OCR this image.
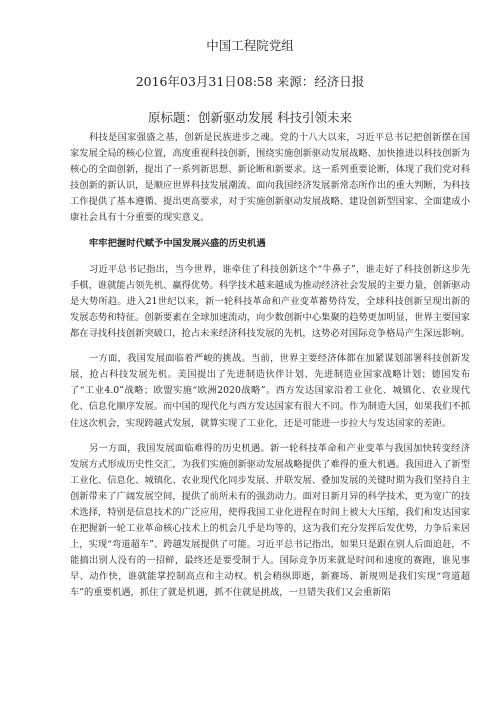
中国工程院党组
2016年03月31日08:58 来源：经济日报
原标题：创新驱动发展 科技引领未来

科技是国家强盛之基，创新是民族进步之魂。党的十八大以来，习近平总书记把创新摆在国家发展全局的核心位置，高度重视科技创新，围绕实施创新驱动发展战略、加快推进以科技创新为核心的全面创新，提出了一系列新思想、新论断和新要求。这一系列重要论断，体现了我们党对科技创新的新认识，是顺应世界科技发展潮流、面向我国经济发展新常态所作出的重大判断，为科技工作提供了基本遵循、提出更高要求，对于实施创新驱动发展战略、建设创新型国家、全面建成小康社会具有十分重要的现实意义。

牢牢把握时代赋予中国发展兴盛的历史机遇

习近平总书记指出，当今世界，谁牵住了科技创新这个“牛鼻子”，谁走好了科技创新这步先手棋，谁就能占领先机、赢得优势。科学技术越来越成为推动经济社会发展的主要力量，创新驱动是大势所趋。进入21世纪以来，新一轮科技革命和产业变革蓄势待发，全球科技创新呈现出新的发展态势和特征。创新要素在全球加速流动，向少数创新中心集聚的趋势更加明显，世界主要国家都在寻找科技创新突破口，抢占未来经济科技发展的先机，这势必对国际竞争格局产生深远影响。

一方面，我国发展面临着严峻的挑战。当前，世界主要经济体都在加紧谋划部署科技创新发展，抢占科技发展先机。美国提出了先进制造伙伴计划、先进制造业国家战略计划；德国发布了“工业4.0”战略；欧盟实施“欧洲2020战略”。西方发达国家沿着工业化、城镇化、农业现代化、信息化顺序发展。而中国的现代化与西方发达国家有很大不同。作为制造大国，如果我们不抓住这次机会，实现跨越式发展，就算实现了工业化，还是可能进一步拉大与发达国家的差距。

另一方面，我国发展面临难得的历史机遇。新一轮科技革命和产业变革与我国加快转变经济发展方式形成历史性交汇，为我们实施创新驱动发展战略提供了难得的重大机遇。我国进入了新型工业化、信息化、城镇化、农业现代化同步发展、并联发展、叠加发展的关键时期为我们坚持自主创新带来了广阔发展空间，提供了前所未有的强劲动力。面对日新月异的科学技术，更为宽广的技术选择，特别是信息技术的广泛应用，使得我国工业化进程在时间上被大大压缩，我们和发达国家在把握新一轮工业革命核心技术上的机会几乎是均等的，这为我们充分发挥后发优势，力争后来居上，实现“弯道超车”、跨越发展提供了可能。习近平总书记指出，如果只是跟在别人后面追赶，不能搞出别人没有的一招鲜，最终还是要受制于人。国际竞争历来就是时间和速度的赛跑，谁见事早、动作快，谁就能掌控制高点和主动权。机会稍纵即逝，新赛场、新规则是我们实现“弯道超车”的重要机遇，抓住了就是机遇，抓不住就是挑战，一旦错失我们又会重新陷
